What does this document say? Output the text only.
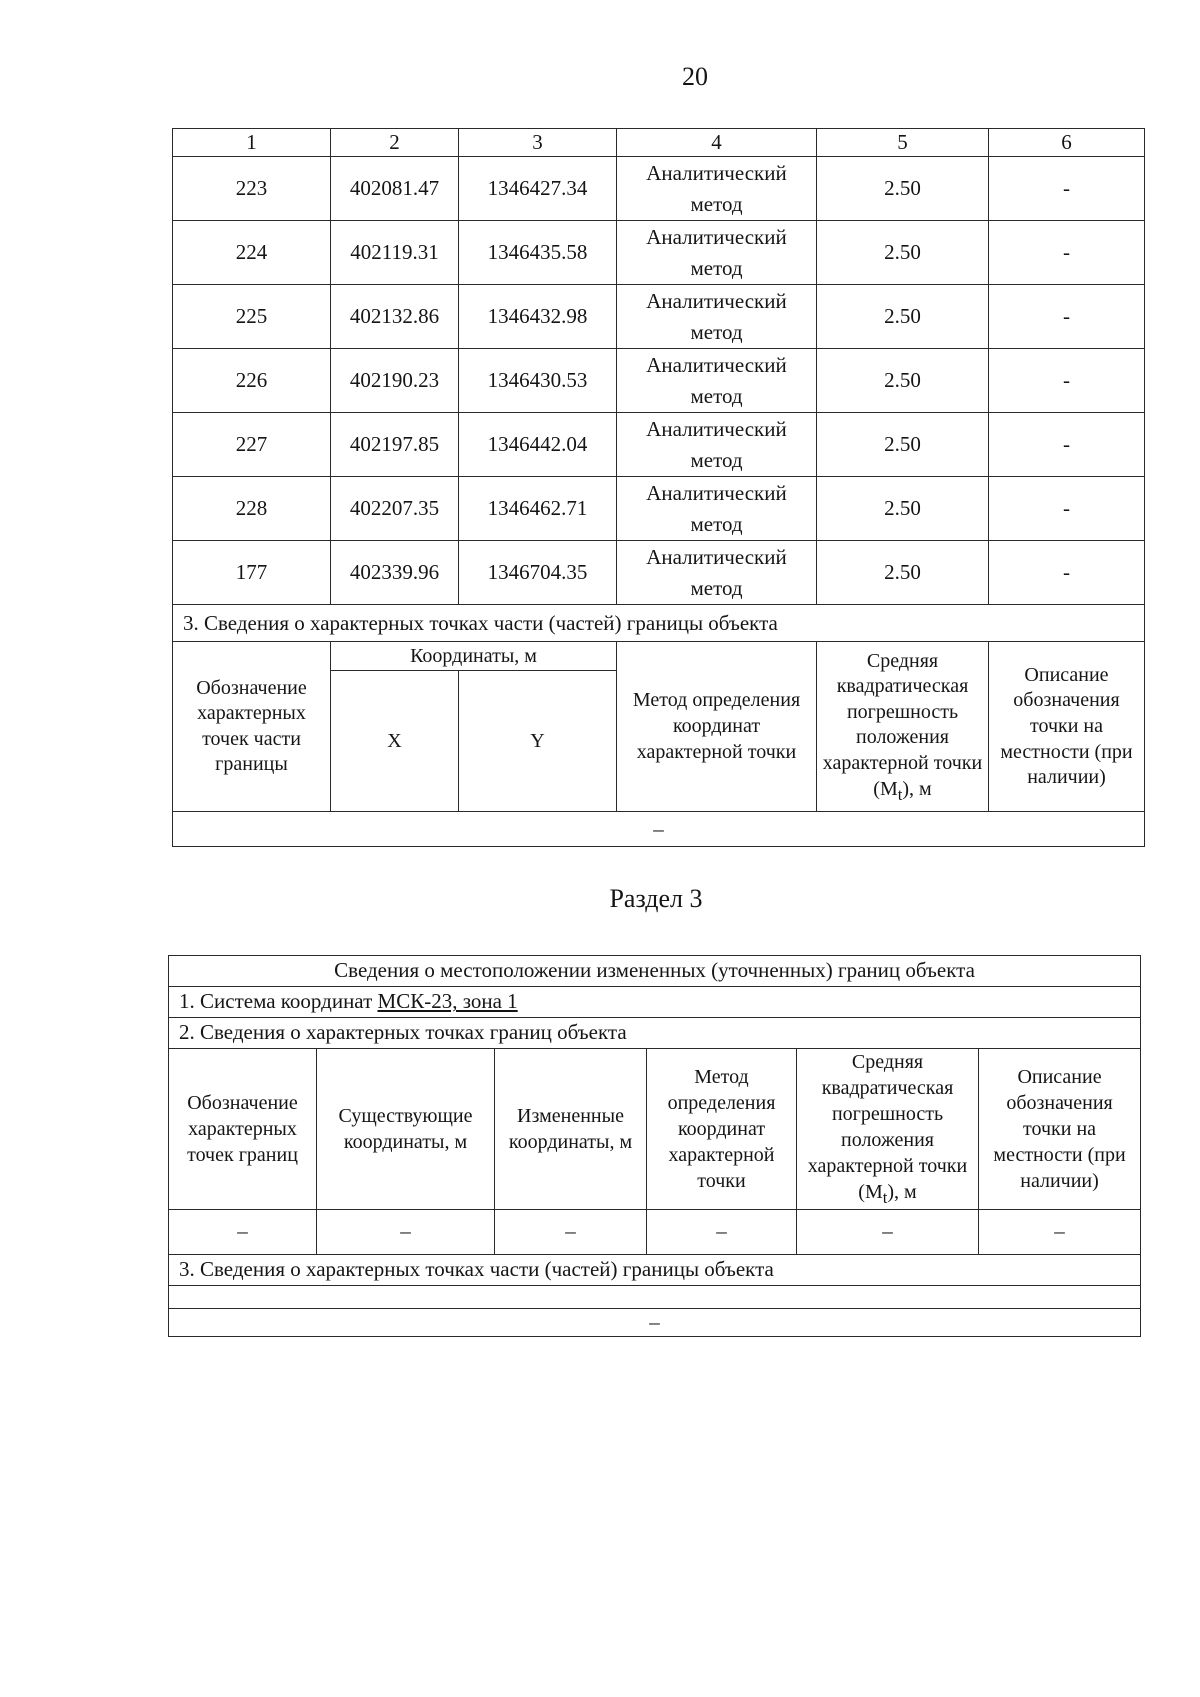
20
1	2	3	4	5	6
223	402081.47	1346427.34	Аналитический метод	2.50	-
224	402119.31	1346435.58	Аналитический метод	2.50	-
225	402132.86	1346432.98	Аналитический метод	2.50	-
226	402190.23	1346430.53	Аналитический метод	2.50	-
227	402197.85	1346442.04	Аналитический метод	2.50	-
228	402207.35	1346462.71	Аналитический метод	2.50	-
177	402339.96	1346704.35	Аналитический метод	2.50	-
3. Сведения о характерных точках части (частей) границы объекта					
Обозначение характерных точек части границы	Координаты, м		Метод определения координат характерной точки	Средняя квадратическая погрешность положения характерной точки $(M_t)$, м	Описание обозначения точки на местности (при наличии)
	X	Y			
–					
Раздел 3
Сведения о местоположении измененных (уточненных) границ объекта					
1. Система координат МСК-23, зона 1					
2. Сведения о характерных точках границ объекта					
Обозначение характерных точек границ	Существующие координаты, м	Измененные координаты, м	Метод определения координат характерной точки	Средняя квадратическая погрешность положения характерной точки $(M_t)$, м	Описание обозначения точки на местности (при наличии)
–	–	–	–	–	–
3. Сведения о характерных точках части (частей) границы объекта					

–					
